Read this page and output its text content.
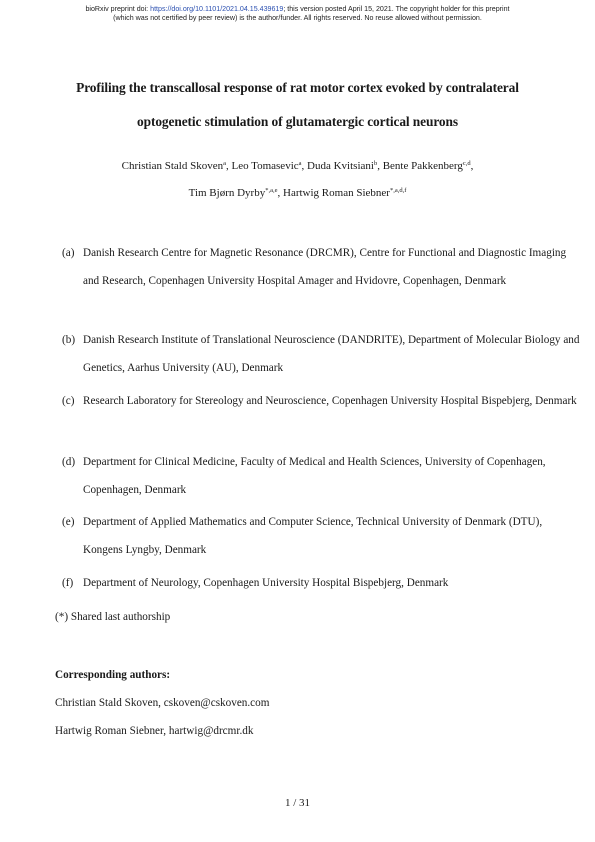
bioRxiv preprint doi: https://doi.org/10.1101/2021.04.15.439619; this version posted April 15, 2021. The copyright holder for this preprint
(which was not certified by peer review) is the author/funder. All rights reserved. No reuse allowed without permission.
Profiling the transcallosal response of rat motor cortex evoked by contralateral
optogenetic stimulation of glutamatergic cortical neurons
Christian Stald Skoven$^a$, Leo Tomasevic$^a$, Duda Kvitsiani$^b$, Bente Pakkenberg$^{c,d}$,
Tim Bjørn Dyrby$^{*,a,e}$, Hartwig Roman Siebner$^{*,a,d,f}$
(a) Danish Research Centre for Magnetic Resonance (DRCMR), Centre for Functional and Diagnostic Imaging and Research, Copenhagen University Hospital Amager and Hvidovre, Copenhagen, Denmark
(b) Danish Research Institute of Translational Neuroscience (DANDRITE), Department of Molecular Biology and Genetics, Aarhus University (AU), Denmark
(c) Research Laboratory for Stereology and Neuroscience, Copenhagen University Hospital Bispebjerg, Denmark
(d) Department for Clinical Medicine, Faculty of Medical and Health Sciences, University of Copenhagen, Copenhagen, Denmark
(e) Department of Applied Mathematics and Computer Science, Technical University of Denmark (DTU), Kongens Lyngby, Denmark
(f) Department of Neurology, Copenhagen University Hospital Bispebjerg, Denmark
(*) Shared last authorship
Corresponding authors:
Christian Stald Skoven, cskoven@cskoven.com
Hartwig Roman Siebner, hartwig@drcmr.dk
1 / 31
